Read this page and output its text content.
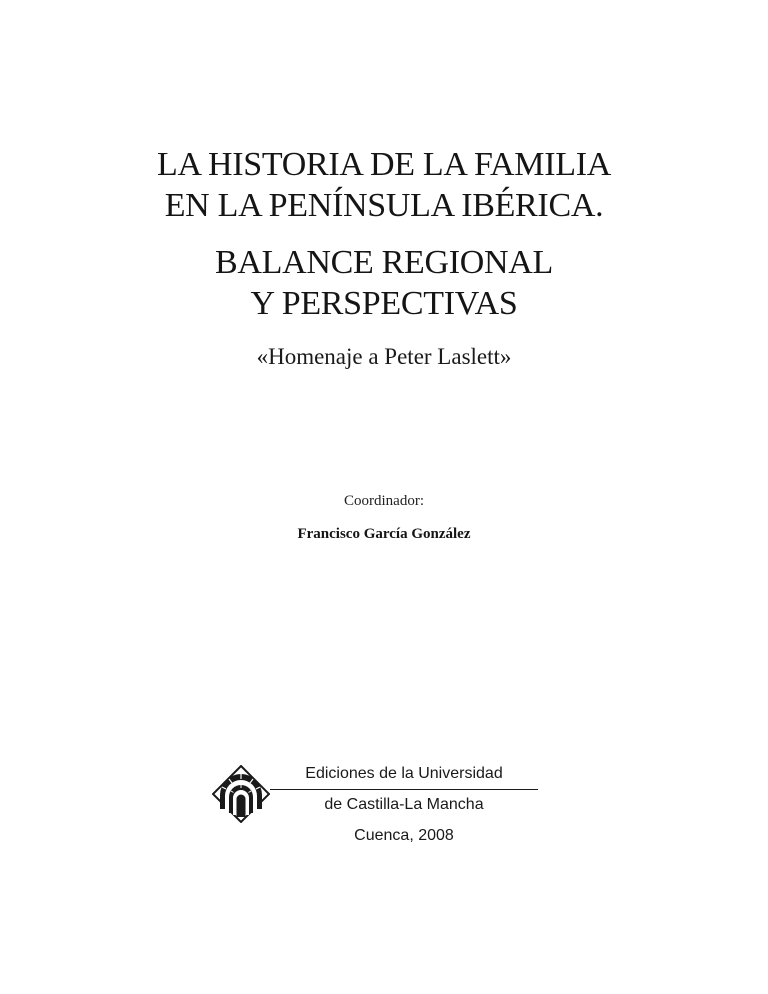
LA HISTORIA DE LA FAMILIA
EN LA PENÍNSULA IBÉRICA.
BALANCE REGIONAL
Y PERSPECTIVAS
«Homenaje a Peter Laslett»
Coordinador:
Francisco García González
Ediciones de la Universidad
de Castilla-La Mancha
Cuenca, 2008
